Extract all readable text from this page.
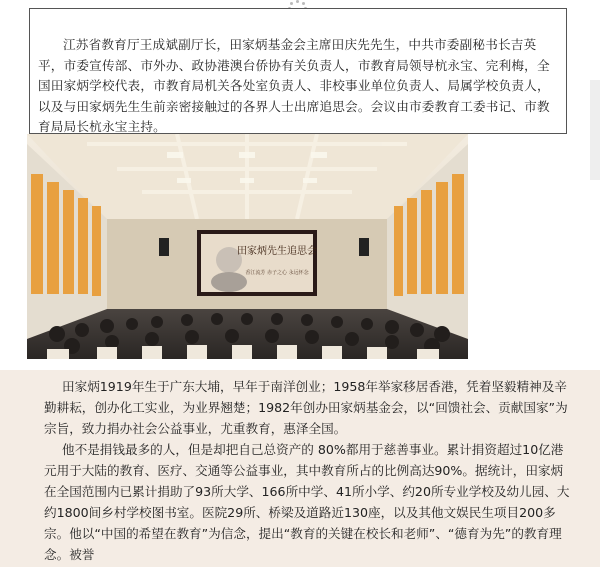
江苏省教育厅王成斌副厅长，田家炳基金会主席田庆先先生，中共市委副秘书长吉英平，市委宣传部、市外办、政协港澳台侨协有关负责人，市教育局领导杭永宝、完利梅，全国田家炳学校代表，市教育局机关各处室负责人、非校事业单位负责人、局属学校负责人，以及与田家炳先生生前亲密接触过的各界人士出席追思会。会议由市委教育工委书记、市教育局局长杭永宝主持。

田家炳先生追思会
香江流芳 赤子之心 永远怀念

田家炳1919年生于广东大埔，早年于南洋创业；1958年举家移居香港，凭着坚毅精神及辛勤耕耘，创办化工实业，为业界翘楚；1982年创办田家炳基金会，以“回馈社会、贡献国家”为宗旨，致力捐办社会公益事业，尤重教育，惠泽全国。

他不是捐钱最多的人，但是却把自己总资产的 80%都用于慈善事业。累计捐资超过10亿港元用于大陆的教育、医疗、交通等公益事业，其中教育所占的比例高达90%。据统计，田家炳在全国范围内已累计捐助了93所大学、166所中学、41所小学、约20所专业学校及幼儿园、大约1800间乡村学校图书室。医院29所、桥梁及道路近130座，以及其他文娱民生项目200多宗。他以“中国的希望在教育”为信念，提出“教育的关键在校长和老师”、“德育为先”的教育理念。被誉
